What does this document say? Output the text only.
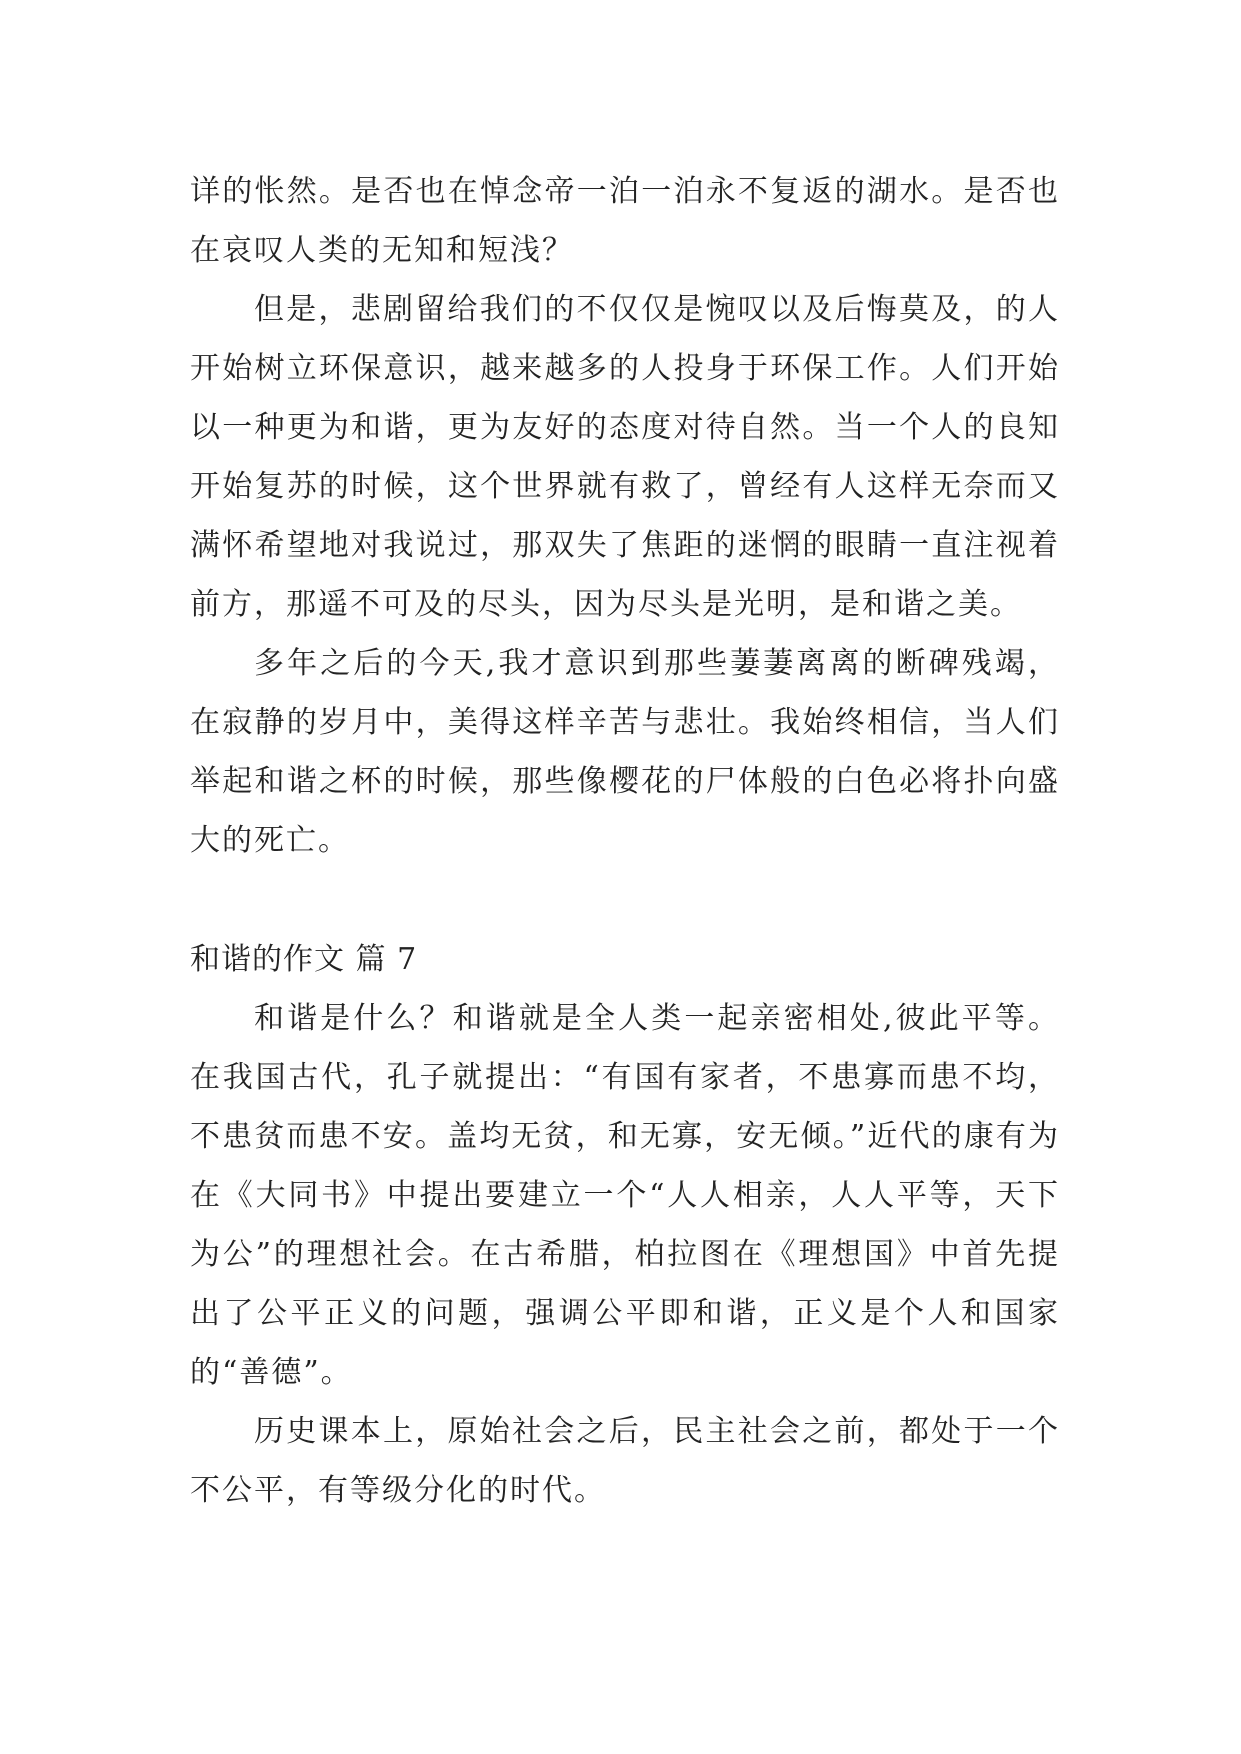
详的怅然。是否也在悼念帝一泊一泊永不复返的湖水。是否也在哀叹人类的无知和短浅？

但是，悲剧留给我们的不仅仅是惋叹以及后悔莫及，的人开始树立环保意识，越来越多的人投身于环保工作。人们开始以一种更为和谐，更为友好的态度对待自然。当一个人的良知开始复苏的时候，这个世界就有救了，曾经有人这样无奈而又满怀希望地对我说过，那双失了焦距的迷惘的眼睛一直注视着前方，那遥不可及的尽头，因为尽头是光明，是和谐之美。

多年之后的今天,我才意识到那些萋萋离离的断碑残竭，在寂静的岁月中，美得这样辛苦与悲壮。我始终相信，当人们举起和谐之杯的时候，那些像樱花的尸体般的白色必将扑向盛大的死亡。

和谐的作文 篇 7

和谐是什么？和谐就是全人类一起亲密相处,彼此平等。在我国古代，孔子就提出：“有国有家者，不患寡而患不均，不患贫而患不安。盖均无贫，和无寡，安无倾。”近代的康有为在《大同书》中提出要建立一个“人人相亲，人人平等，天下为公”的理想社会。在古希腊，柏拉图在《理想国》中首先提出了公平正义的问题，强调公平即和谐，正义是个人和国家的“善德”。

历史课本上，原始社会之后，民主社会之前，都处于一个不公平，有等级分化的时代。
